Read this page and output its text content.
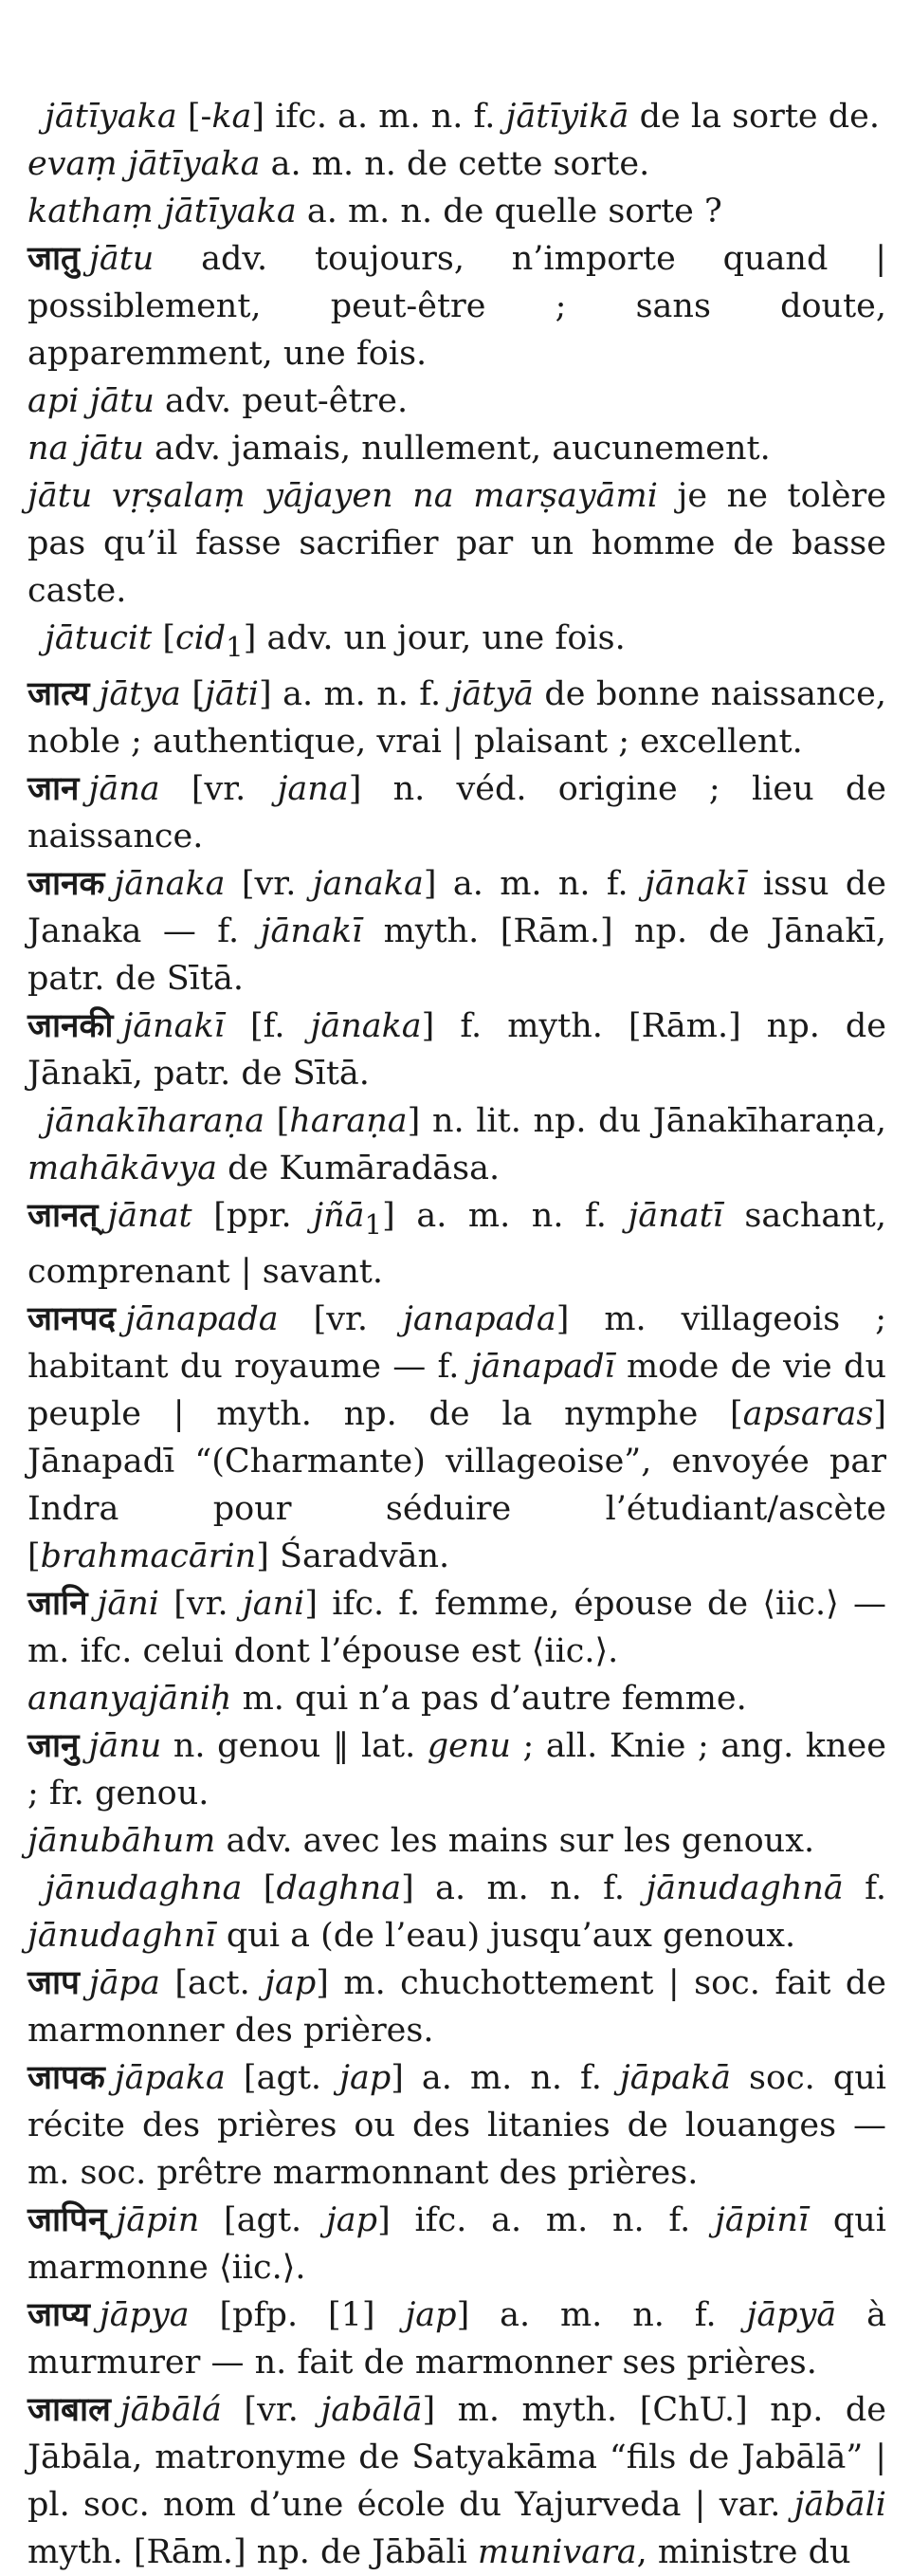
jātīyaka [-ka] ifc. a. m. n. f. jātīyikā de la sorte de.

evaṃ jātīyaka a. m. n. de cette sorte.

kathaṃ jātīyaka a. m. n. de quelle sorte ?

जातु jātu adv. toujours, n’importe quand | possiblement, peut-être ; sans doute, apparemment, une fois.

api jātu adv. peut-être.

na jātu adv. jamais, nullement, aucunement.

jātu vṛṣalaṃ yājayen na marṣayāmi je ne tolère pas qu’il fasse sacrifier par un homme de basse caste.

jātucit [cid$_1$] adv. un jour, une fois.

जात्य jātya [jāti] a. m. n. f. jātyā de bonne naissance, noble ; authentique, vrai | plaisant ; excellent.

जान jāna [vr. jana] n. véd. origine ; lieu de naissance.

जानक jānaka [vr. janaka] a. m. n. f. jānakī issu de Janaka — f. jānakī myth. [Rām.] np. de Jānakī, patr. de Sītā.

जानकी jānakī [f. jānaka] f. myth. [Rām.] np. de Jānakī, patr. de Sītā.

jānakīharaṇa [haraṇa] n. lit. np. du Jānakīharaṇa, mahākāvya de Kumāradāsa.

जानत् jānat [ppr. jñā$_1$] a. m. n. f. jānatī sachant, comprenant | savant.

जानपद jānapada [vr. janapada] m. villageois ; habitant du royaume — f. jānapadī mode de vie du peuple | myth. np. de la nymphe [apsaras] Jānapadī “(Charmante) villageoise”, envoyée par Indra pour séduire l’étudiant/ascète [brahmacārin] Śaradvān.

जानि jāni [vr. jani] ifc. f. femme, épouse de ⟨iic.⟩ — m. ifc. celui dont l’épouse est ⟨iic.⟩.

ananyajāniḥ m. qui n’a pas d’autre femme.

जानु jānu n. genou ‖ lat. genu ; all. Knie ; ang. knee ; fr. genou.

jānubāhum adv. avec les mains sur les genoux.

jānudaghna [daghna] a. m. n. f. jānudaghnā f. jānudaghnī qui a (de l’eau) jusqu’aux genoux.

जाप jāpa [act. jap] m. chuchottement | soc. fait de marmonner des prières.

जापक jāpaka [agt. jap] a. m. n. f. jāpakā soc. qui récite des prières ou des litanies de louanges — m. soc. prêtre marmonnant des prières.

जापिन् jāpin [agt. jap] ifc. a. m. n. f. jāpinī qui marmonne ⟨iic.⟩.

जाप्य jāpya [pfp. [1] jap] a. m. n. f. jāpyā à murmurer — n. fait de marmonner ses prières.

जाबाल jābālá [vr. jabālā] m. myth. [ChU.] np. de Jābāla, matronyme de Satyakāma “fils de Jabālā” | pl. soc. nom d’une école du Yajurveda | var. jābāli myth. [Rām.] np. de Jābāli munivara, ministre du
